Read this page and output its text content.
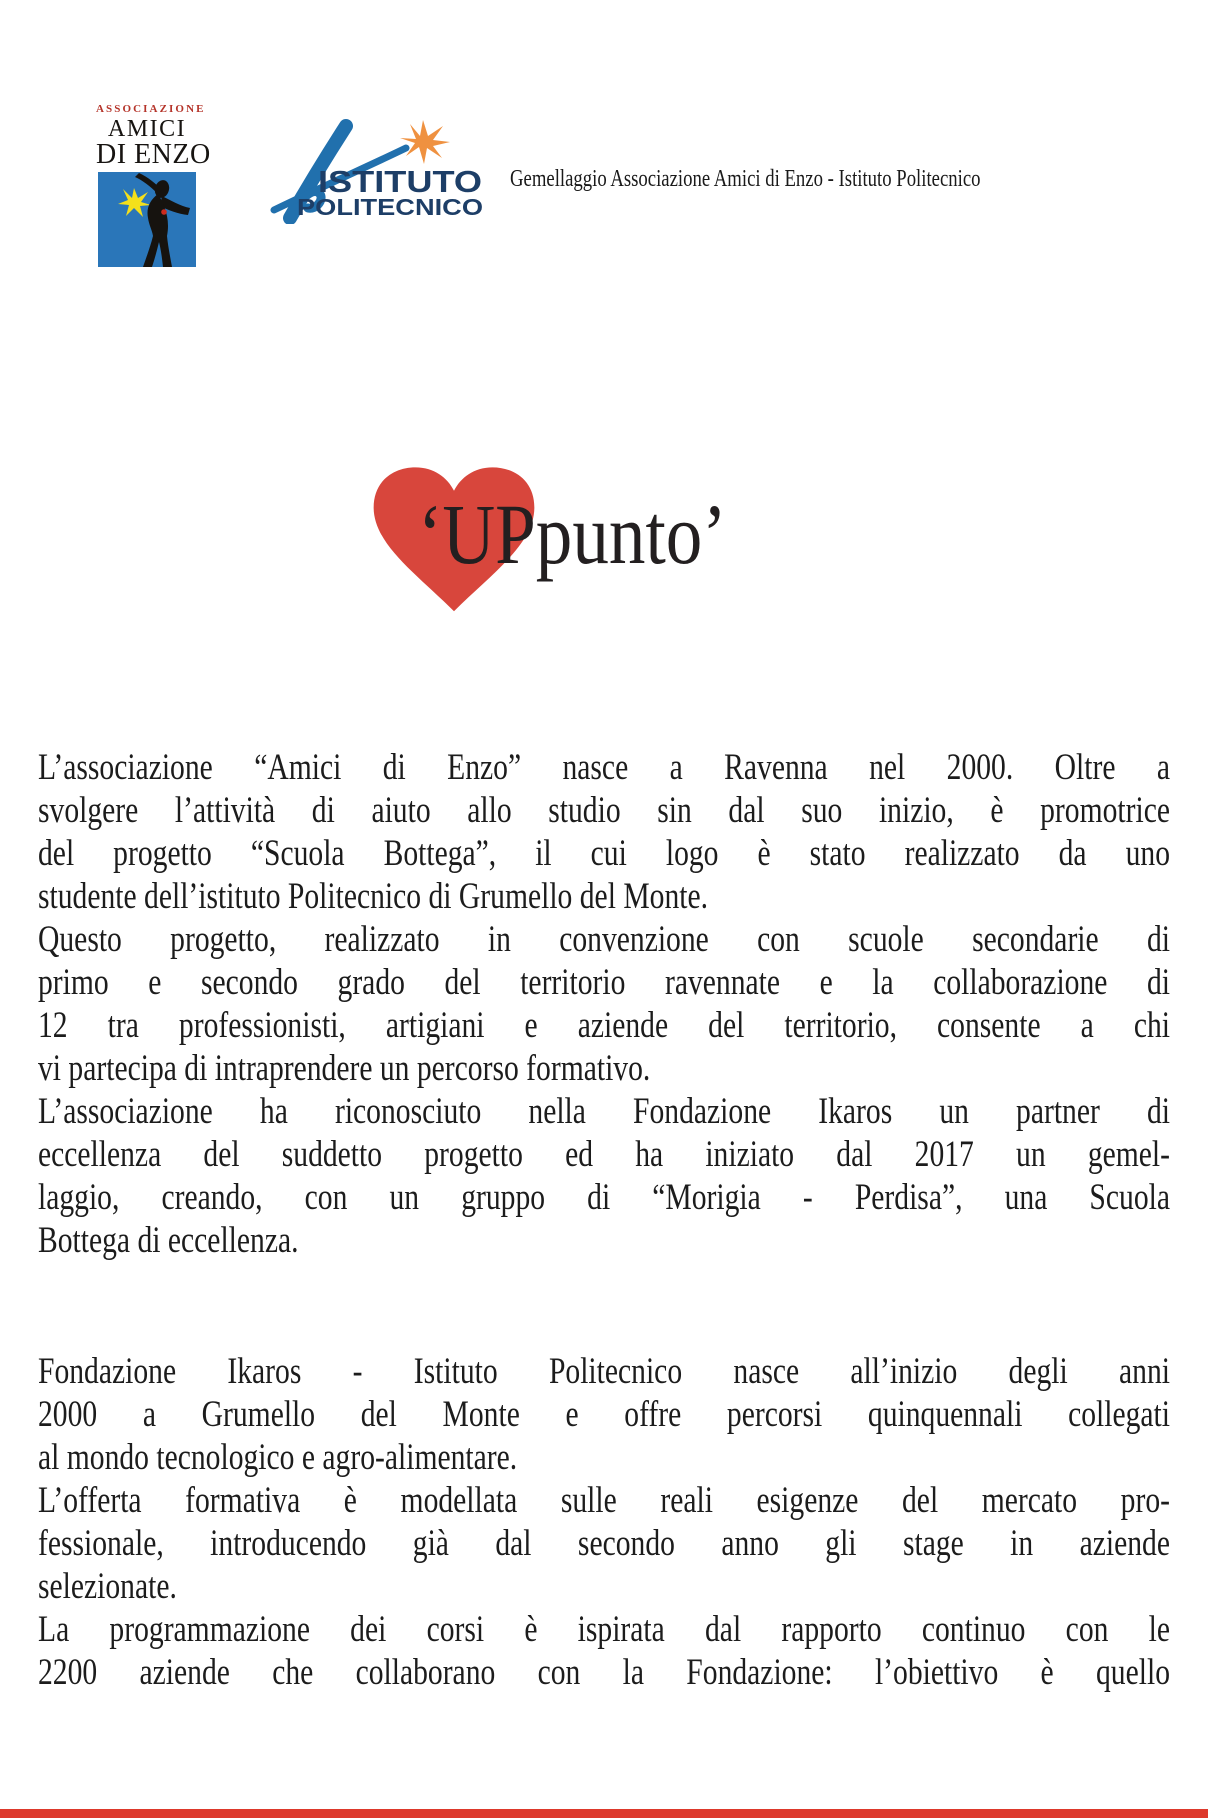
ASSOCIAZIONE
AMICI
DI ENZO
ISTITUTO
POLITECNICO
Gemellaggio Associazione Amici di Enzo - Istituto Politecnico
‘UPpunto’
L’associazione “Amici di Enzo” nasce a Ravenna nel 2000. Oltre a
svolgere l’attività di aiuto allo studio sin dal suo inizio, è promotrice
del progetto “Scuola Bottega”, il cui logo è stato realizzato da uno
studente dell’istituto Politecnico di Grumello del Monte.
Questo progetto, realizzato in convenzione con scuole secondarie di
primo e secondo grado del territorio ravennate e la collaborazione di
12 tra professionisti, artigiani e aziende del territorio, consente a chi
vi partecipa di intraprendere un percorso formativo.
L’associazione ha riconosciuto nella Fondazione Ikaros un partner di
eccellenza del suddetto progetto ed ha iniziato dal 2017 un gemel-
laggio, creando, con un gruppo di “Morigia - Perdisa”, una Scuola
Bottega di eccellenza.
Fondazione Ikaros - Istituto Politecnico nasce all’inizio degli anni
2000 a Grumello del Monte e offre percorsi quinquennali collegati
al mondo tecnologico e agro-alimentare.
L’offerta formativa è modellata sulle reali esigenze del mercato pro-
fessionale, introducendo già dal secondo anno gli stage in aziende
selezionate.
La programmazione dei corsi è ispirata dal rapporto continuo con le
2200 aziende che collaborano con la Fondazione: l’obiettivo è quello
